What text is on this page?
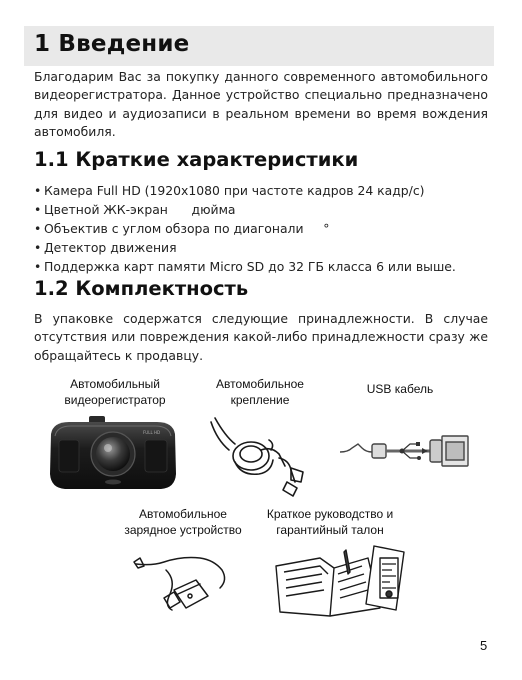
1 Введение

Благодарим Вас за покупку данного современного автомобильного видеорегистратора. Данное устройство специально предназначено для видео и аудиозаписи в реальном времени во время вождения автомобиля.

1.1 Краткие характеристики
• Камера Full HD (1920x1080 при частоте кадров 24 кадр/c)
• Цветной ЖК-экран      дюйма
• Объектив с углом обзора по диагонали     °
• Детектор движения
• Поддержка карт памяти Micro SD до 32 ГБ класса 6 или выше.
1.2 Комплектность

В упаковке содержатся следующие принадлежности. В случае отсутствия или повреждения какой-либо принадлежности сразу же обращайтесь к продавцу.

Автомобильный
видеорегистратор
Автомобильное
крепление
USB кабель
Автомобильное
зарядное устройство
Краткое руководство и
гарантийный талон
FULL HD
5
